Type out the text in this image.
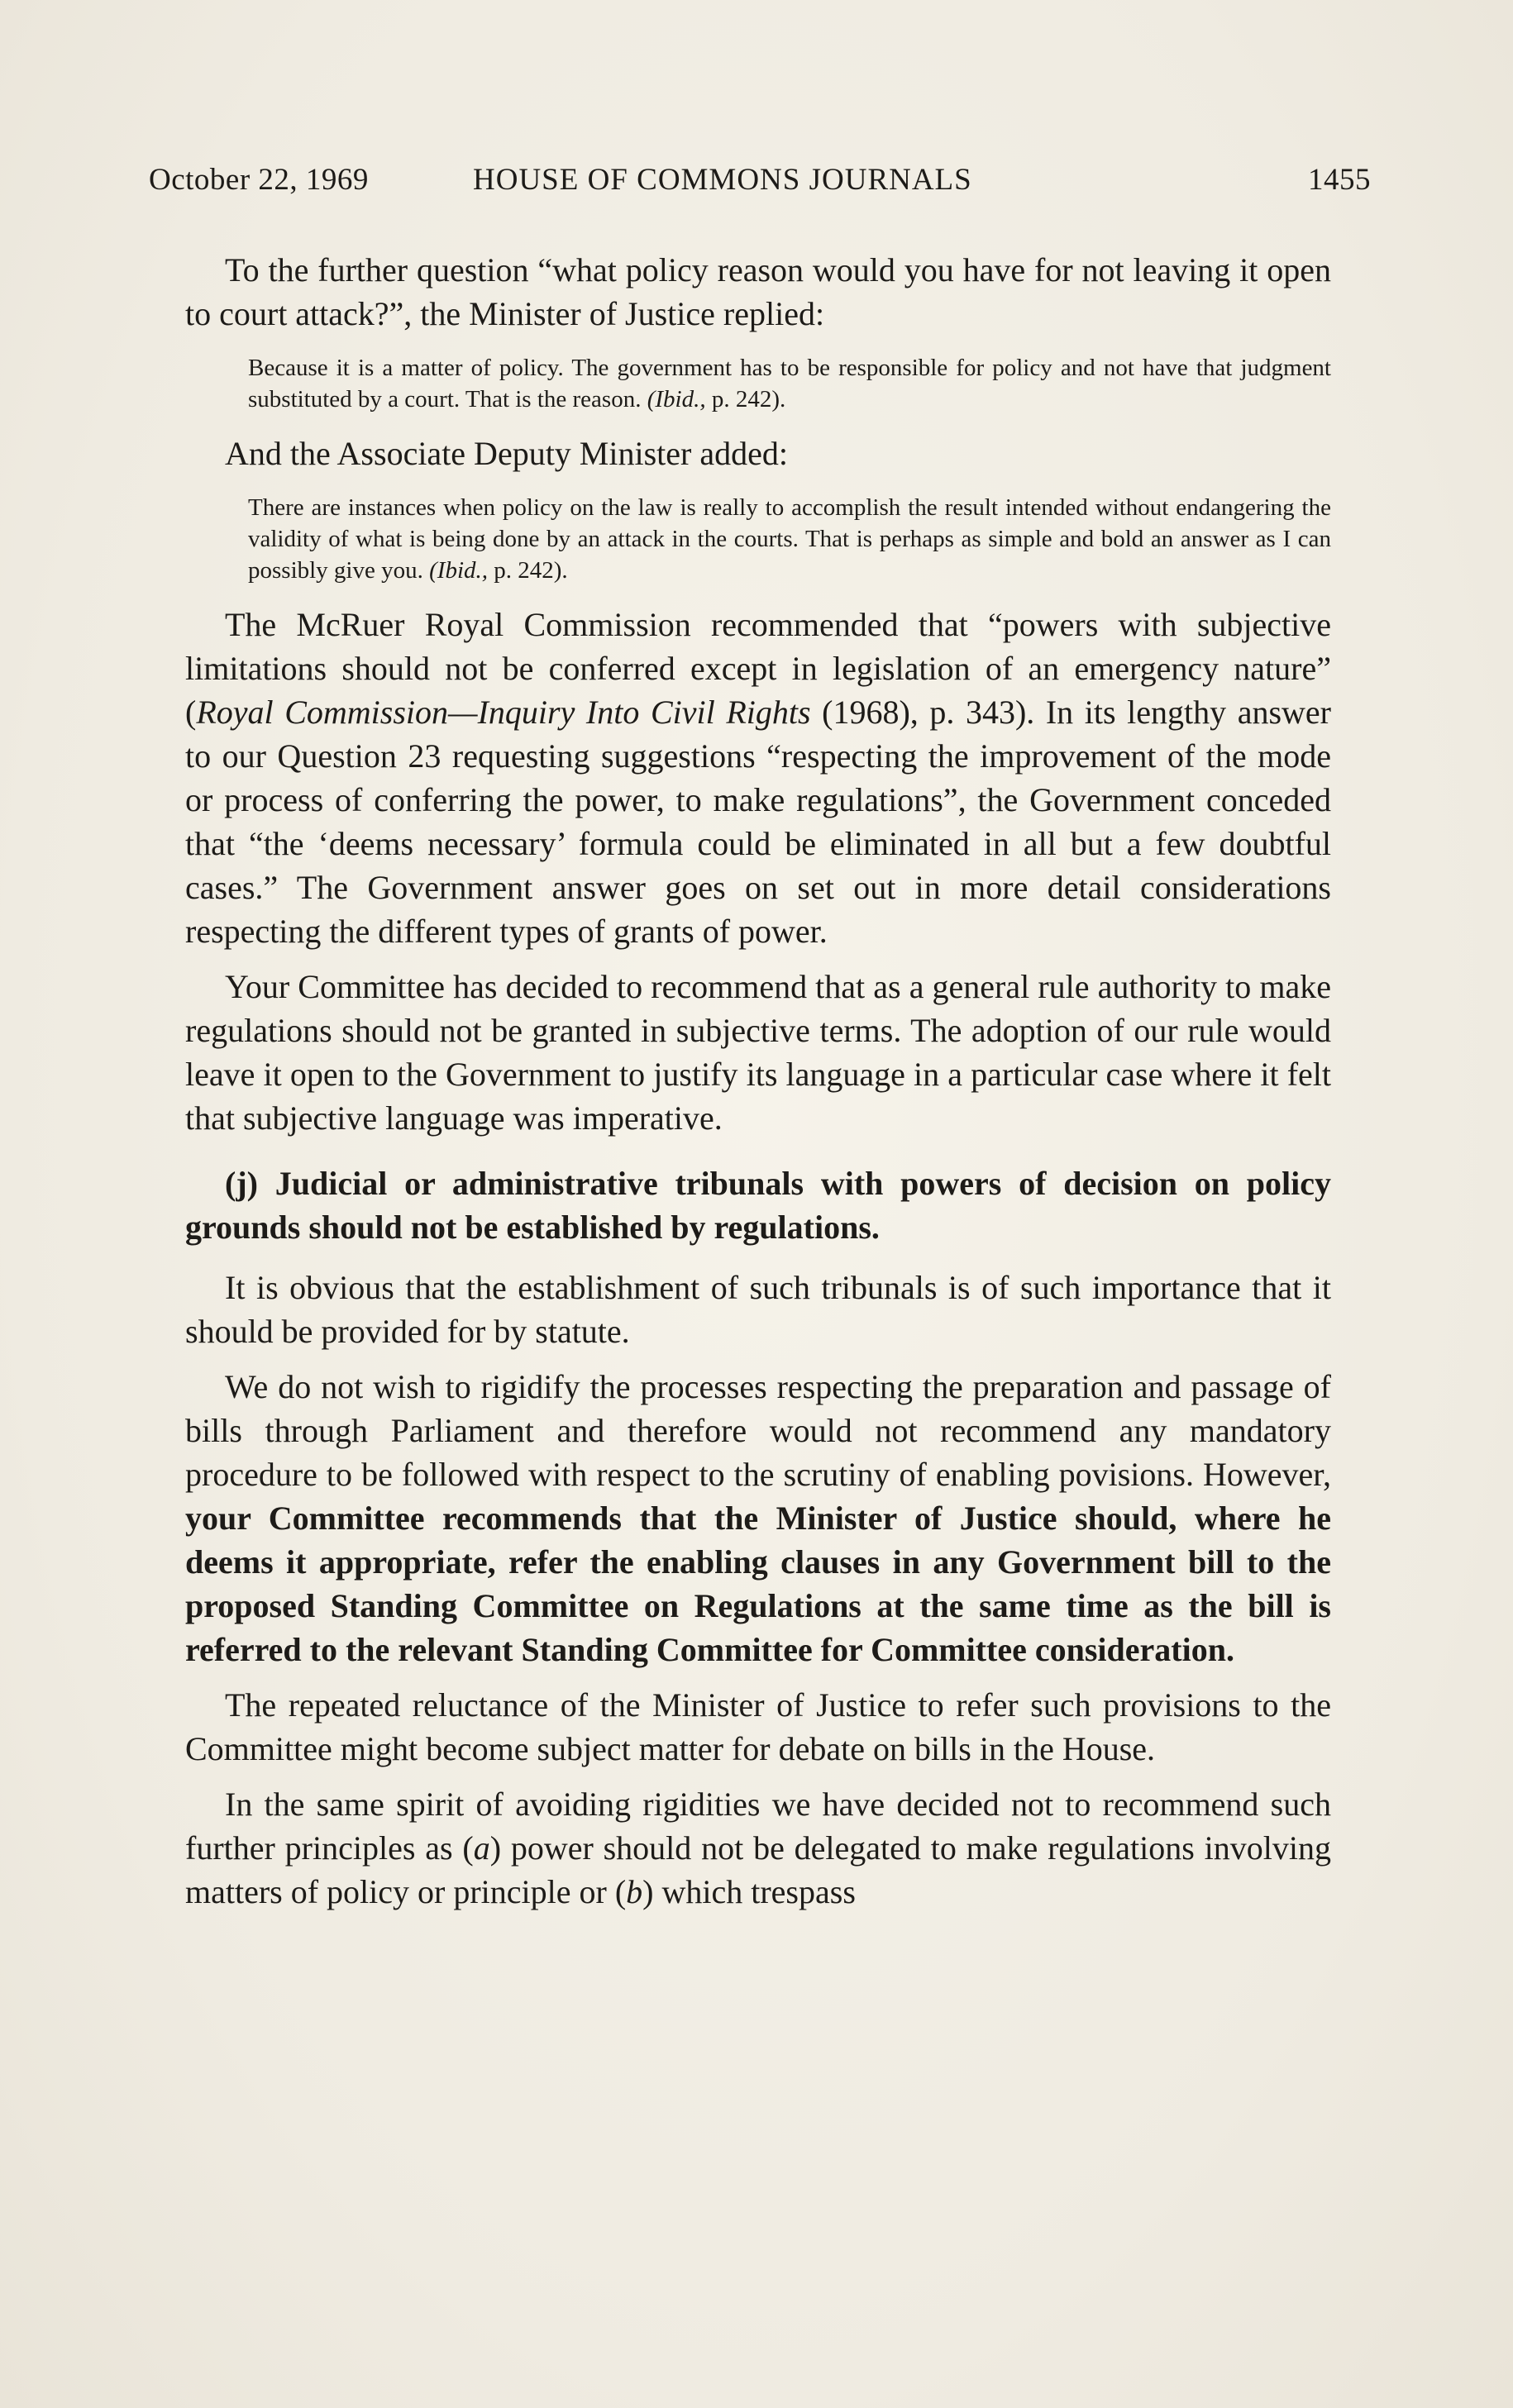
October 22, 1969	HOUSE OF COMMONS JOURNALS	1455

To the further question “what policy reason would you have for not leaving it open to court attack?”, the Minister of Justice replied:

Because it is a matter of policy. The government has to be responsible for policy and not have that judgment substituted by a court. That is the reason. (Ibid., p. 242).

And the Associate Deputy Minister added:

There are instances when policy on the law is really to accomplish the result intended without endangering the validity of what is being done by an attack in the courts. That is perhaps as simple and bold an answer as I can possibly give you. (Ibid., p. 242).

The McRuer Royal Commission recommended that “powers with subjective limitations should not be conferred except in legislation of an emergency nature” (Royal Commission—Inquiry Into Civil Rights (1968), p. 343). In its lengthy answer to our Question 23 requesting suggestions “respecting the improvement of the mode or process of conferring the power, to make regulations”, the Government conceded that “the ‘deems necessary’ formula could be eliminated in all but a few doubtful cases.” The Government answer goes on set out in more detail considerations respecting the different types of grants of power.

Your Committee has decided to recommend that as a general rule authority to make regulations should not be granted in subjective terms. The adoption of our rule would leave it open to the Government to justify its language in a particular case where it felt that subjective language was imperative.

(j) Judicial or administrative tribunals with powers of decision on policy grounds should not be established by regulations.

It is obvious that the establishment of such tribunals is of such importance that it should be provided for by statute.

We do not wish to rigidify the processes respecting the preparation and passage of bills through Parliament and therefore would not recommend any mandatory procedure to be followed with respect to the scrutiny of enabling povisions. However, your Committee recommends that the Minister of Justice should, where he deems it appropriate, refer the enabling clauses in any Government bill to the proposed Standing Committee on Regulations at the same time as the bill is referred to the relevant Standing Committee for Committee consideration.

The repeated reluctance of the Minister of Justice to refer such provisions to the Committee might become subject matter for debate on bills in the House.

In the same spirit of avoiding rigidities we have decided not to recommend such further principles as (a) power should not be delegated to make regulations involving matters of policy or principle or (b) which trespass
